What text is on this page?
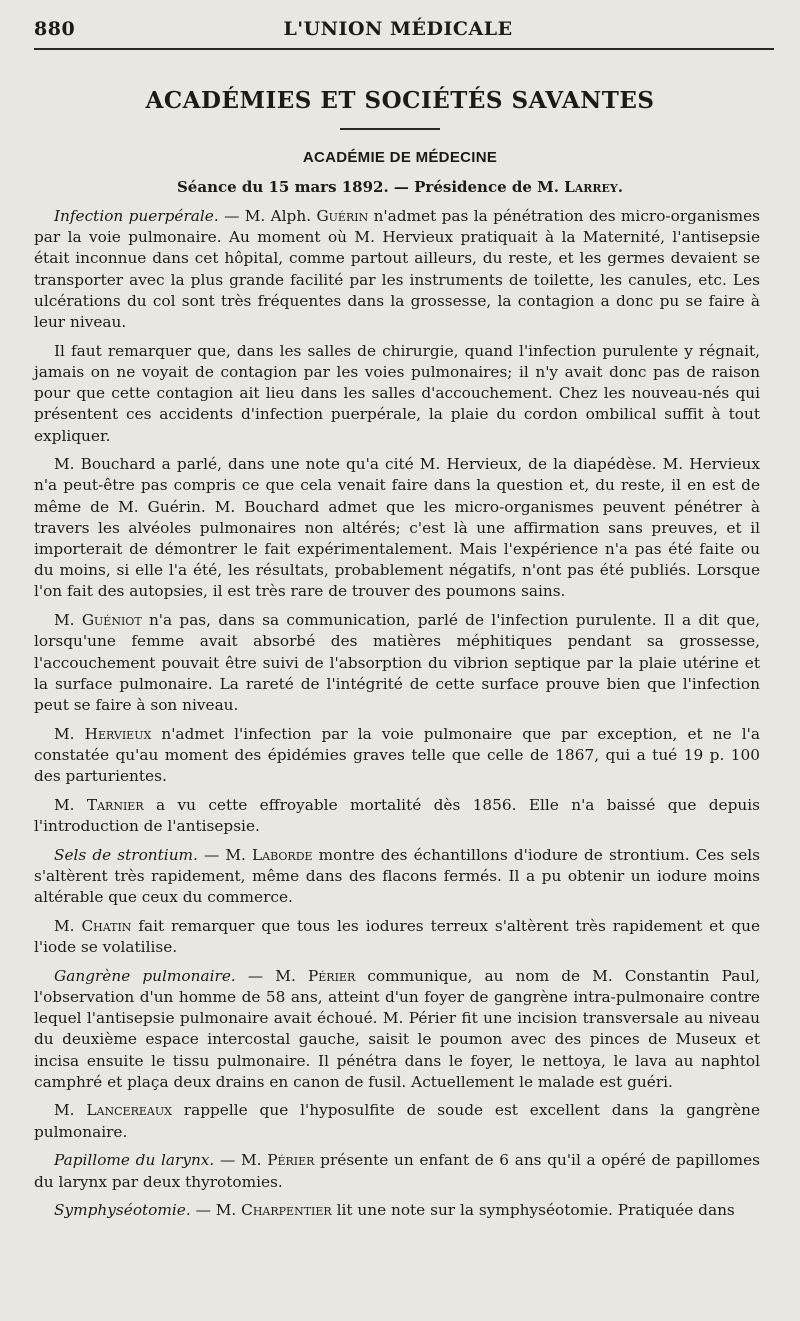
880	L'UNION MÉDICALE
ACADÉMIES ET SOCIÉTÉS SAVANTES
ACADÉMIE DE MÉDECINE
Séance du 15 mars 1892. — Présidence de M. Larrey.

Infection puerpérale. — M. Alph. Guérin n'admet pas la pénétration des micro-organismes par la voie pulmonaire. Au moment où M. Hervieux pratiquait à la Maternité, l'antisepsie était inconnue dans cet hôpital, comme partout ailleurs, du reste, et les germes devaient se transporter avec la plus grande facilité par les instruments de toilette, les canules, etc. Les ulcérations du col sont très fréquentes dans la grossesse, la contagion a donc pu se faire à leur niveau.

Il faut remarquer que, dans les salles de chirurgie, quand l'infection purulente y régnait, jamais on ne voyait de contagion par les voies pulmonaires; il n'y avait donc pas de raison pour que cette contagion ait lieu dans les salles d'accouchement. Chez les nouveau-nés qui présentent ces accidents d'infection puerpérale, la plaie du cordon ombilical suffit à tout expliquer.

M. Bouchard a parlé, dans une note qu'a cité M. Hervieux, de la diapédèse. M. Hervieux n'a peut-être pas compris ce que cela venait faire dans la question et, du reste, il en est de même de M. Guérin. M. Bouchard admet que les micro-organismes peuvent pénétrer à travers les alvéoles pulmonaires non altérés; c'est là une affirmation sans preuves, et il importerait de démontrer le fait expérimentalement. Mais l'expérience n'a pas été faite ou du moins, si elle l'a été, les résultats, probablement négatifs, n'ont pas été publiés. Lorsque l'on fait des autopsies, il est très rare de trouver des poumons sains.

M. Guéniot n'a pas, dans sa communication, parlé de l'infection purulente. Il a dit que, lorsqu'une femme avait absorbé des matières méphitiques pendant sa grossesse, l'accouchement pouvait être suivi de l'absorption du vibrion septique par la plaie utérine et la surface pulmonaire. La rareté de l'intégrité de cette surface prouve bien que l'infection peut se faire à son niveau.

M. Hervieux n'admet l'infection par la voie pulmonaire que par exception, et ne l'a constatée qu'au moment des épidémies graves telle que celle de 1867, qui a tué 19 p. 100 des parturientes.

M. Tarnier a vu cette effroyable mortalité dès 1856. Elle n'a baissé que depuis l'introduction de l'antisepsie.

Sels de strontium. — M. Laborde montre des échantillons d'iodure de strontium. Ces sels s'altèrent très rapidement, même dans des flacons fermés. Il a pu obtenir un iodure moins altérable que ceux du commerce.

M. Chatin fait remarquer que tous les iodures terreux s'altèrent très rapidement et que l'iode se volatilise.

Gangrène pulmonaire. — M. Périer communique, au nom de M. Constantin Paul, l'observation d'un homme de 58 ans, atteint d'un foyer de gangrène intra-pulmonaire contre lequel l'antisepsie pulmonaire avait échoué. M. Périer fit une incision transversale au niveau du deuxième espace intercostal gauche, saisit le poumon avec des pinces de Museux et incisa ensuite le tissu pulmonaire. Il pénétra dans le foyer, le nettoya, le lava au naphtol camphré et plaça deux drains en canon de fusil. Actuellement le malade est guéri.

M. Lancereaux rappelle que l'hyposulfite de soude est excellent dans la gangrène pulmonaire.

Papillome du larynx. — M. Périer présente un enfant de 6 ans qu'il a opéré de papillomes du larynx par deux thyrotomies.

Symphyséotomie. — M. Charpentier lit une note sur la symphyséotomie. Pratiquée dans
